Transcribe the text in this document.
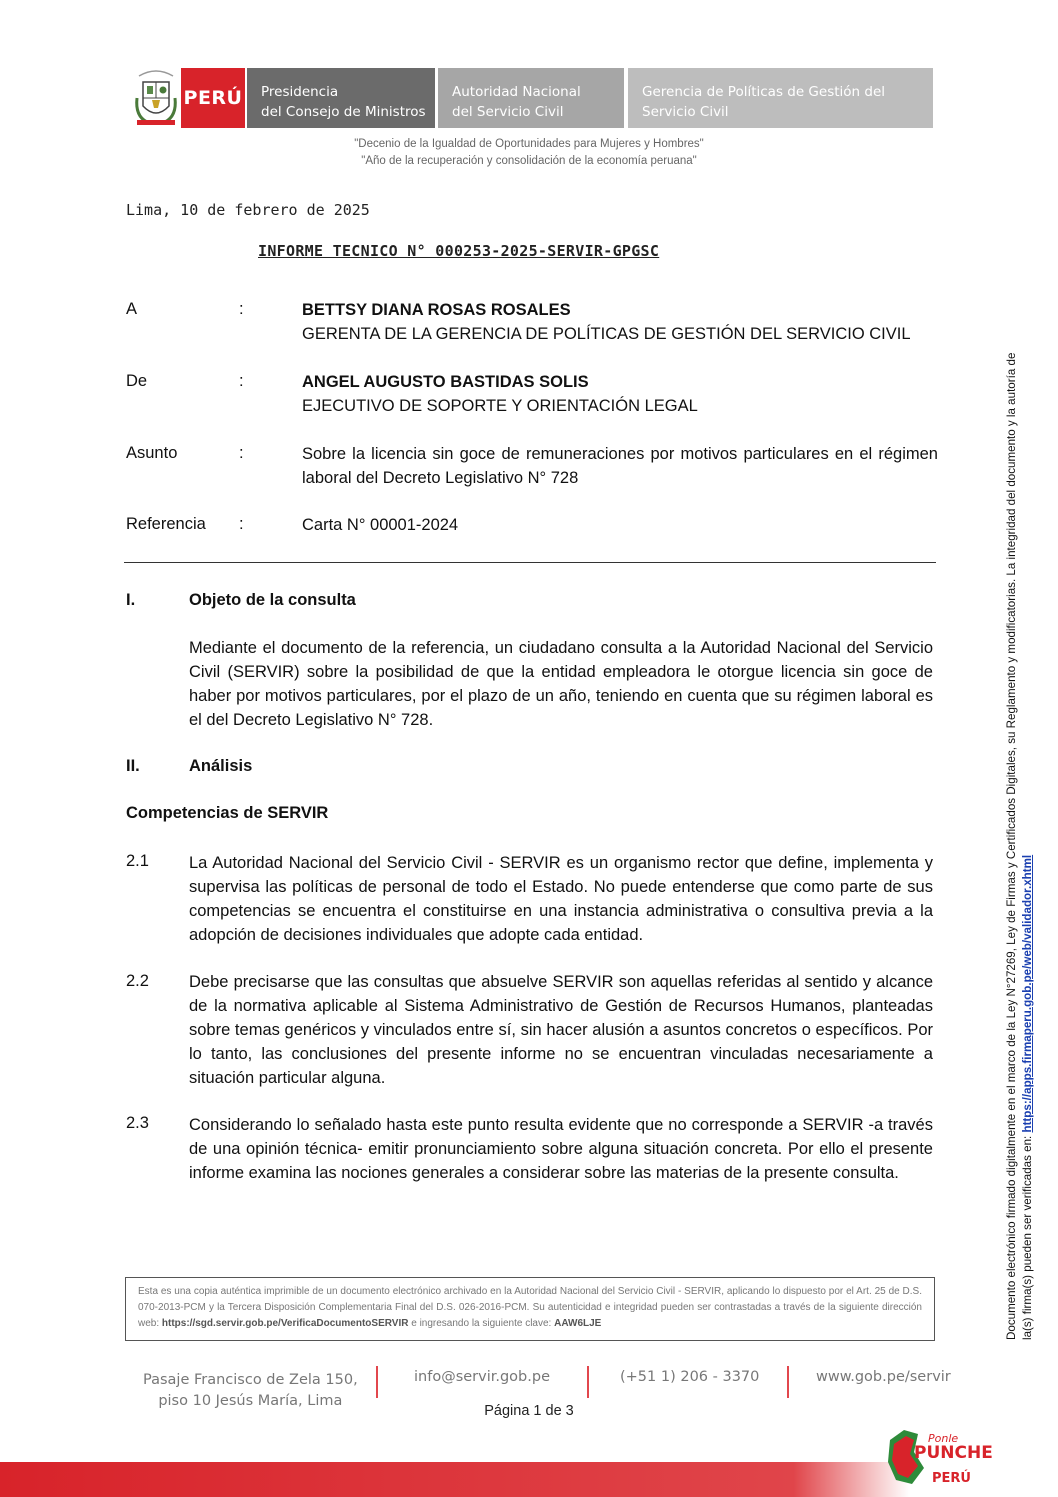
PERÚ Presidencia
del Consejo de Ministros
Autoridad Nacional
del Servicio Civil
Gerencia de Políticas de Gestión del
Servicio Civil
"Decenio de la Igualdad de Oportunidades para Mujeres y Hombres"
"Año de la recuperación y consolidación de la economía peruana"
Lima, 10 de febrero de 2025
INFORME TECNICO N° 000253-2025-SERVIR-GPGSC
A	:	BETTSY DIANA ROSAS ROSALES
GERENTA DE LA GERENCIA DE POLÍTICAS DE GESTIÓN DEL SERVICIO CIVIL
De	:	ANGEL AUGUSTO BASTIDAS SOLIS
EJECUTIVO DE SOPORTE Y ORIENTACIÓN LEGAL
Asunto	:	Sobre la licencia sin goce de remuneraciones por motivos particulares en el régimen laboral del Decreto Legislativo N° 728
Referencia :	Carta N° 00001-2024
I.	Objeto de la consulta
Mediante el documento de la referencia, un ciudadano consulta a la Autoridad Nacional del Servicio Civil (SERVIR) sobre la posibilidad de que la entidad empleadora le otorgue licencia sin goce de haber por motivos particulares, por el plazo de un año, teniendo en cuenta que su régimen laboral es el del Decreto Legislativo N° 728.
II.	Análisis
Competencias de SERVIR
2.1 La Autoridad Nacional del Servicio Civil - SERVIR es un organismo rector que define, implementa y supervisa las políticas de personal de todo el Estado. No puede entenderse que como parte de sus competencias se encuentra el constituirse en una instancia administrativa o consultiva previa a la adopción de decisiones individuales que adopte cada entidad.
2.2 Debe precisarse que las consultas que absuelve SERVIR son aquellas referidas al sentido y alcance de la normativa aplicable al Sistema Administrativo de Gestión de Recursos Humanos, planteadas sobre temas genéricos y vinculados entre sí, sin hacer alusión a asuntos concretos o específicos. Por lo tanto, las conclusiones del presente informe no se encuentran vinculadas necesariamente a situación particular alguna.
2.3 Considerando lo señalado hasta este punto resulta evidente que no corresponde a SERVIR -a través de una opinión técnica- emitir pronunciamiento sobre alguna situación concreta. Por ello el presente informe examina las nociones generales a considerar sobre las materias de la presente consulta.
Esta es una copia auténtica imprimible de un documento electrónico archivado en la Autoridad Nacional del Servicio Civil - SERVIR, aplicando lo dispuesto por el Art. 25 de D.S. 070-2013-PCM y la Tercera Disposición Complementaria Final del D.S. 026-2016-PCM. Su autenticidad e integridad pueden ser contrastadas a través de la siguiente dirección web: https://sgd.servir.gob.pe/VerificaDocumentoSERVIR e ingresando la siguiente clave: AAW6LJE
Pasaje Francisco de Zela 150,
piso 10 Jesús María, Lima
info@servir.gob.pe	(+51 1) 206 - 3370	www.gob.pe/servir
Página 1 de 3
Ponle
PUNCHE
PERÚ
Documento electrónico firmado digitalmente en el marco de la Ley N°27269, Ley de Firmas y Certificados Digitales, su Reglamento y modificatorias. La integridad del documento y la autoría de la(s) firma(s) pueden ser verificadas en: https://apps.firmaperu.gob.pe/web/validador.xhtml
